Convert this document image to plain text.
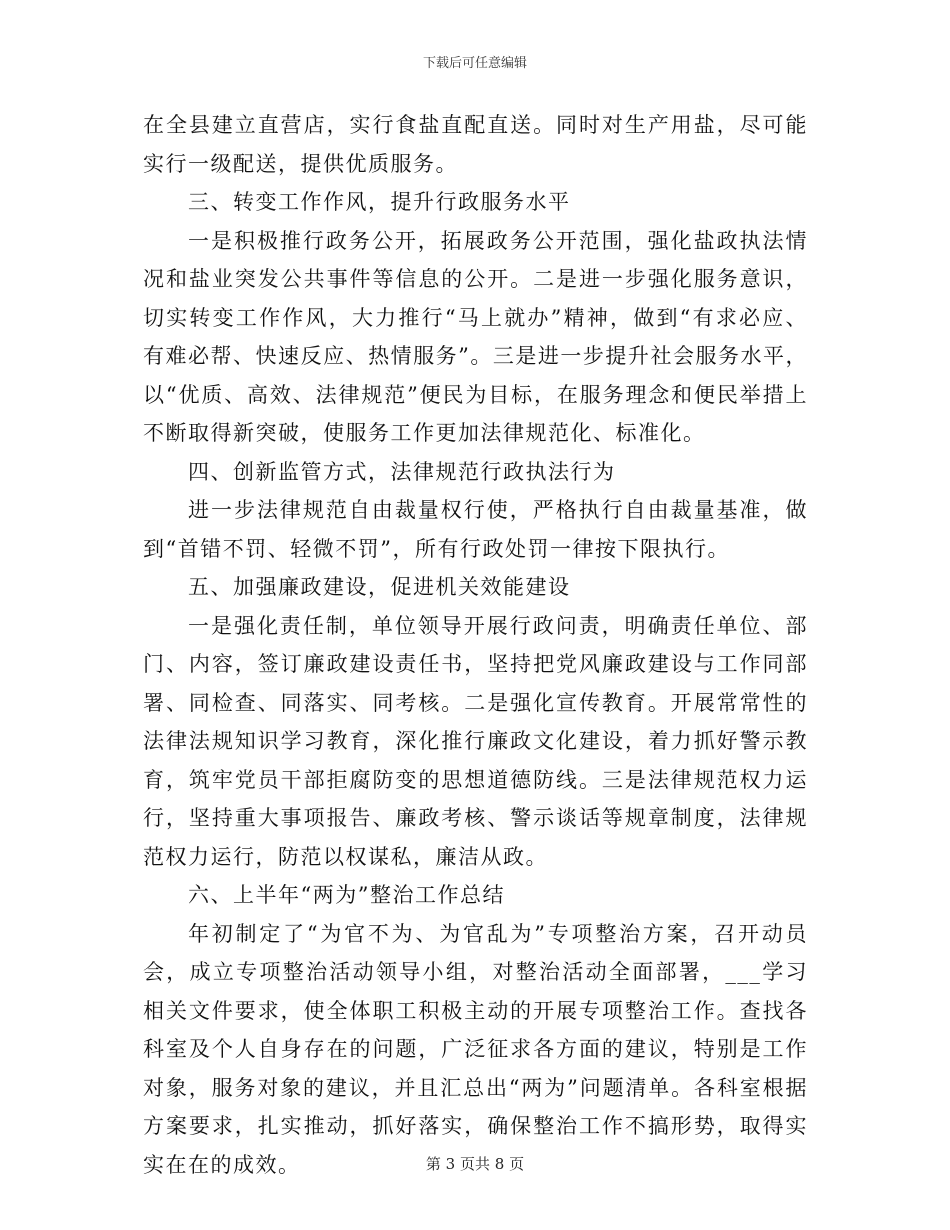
下载后可任意编辑

在全县建立直营店，实行食盐直配直送。同时对生产用盐，尽可能实行一级配送，提供优质服务。

三、转变工作作风，提升行政服务水平

一是积极推行政务公开，拓展政务公开范围，强化盐政执法情况和盐业突发公共事件等信息的公开。二是进一步强化服务意识，切实转变工作作风，大力推行“马上就办”精神，做到“有求必应、有难必帮、快速反应、热情服务”。三是进一步提升社会服务水平，以“优质、高效、法律规范”便民为目标，在服务理念和便民举措上不断取得新突破，使服务工作更加法律规范化、标准化。

四、创新监管方式，法律规范行政执法行为

进一步法律规范自由裁量权行使，严格执行自由裁量基准，做到“首错不罚、轻微不罚”，所有行政处罚一律按下限执行。

五、加强廉政建设，促进机关效能建设

一是强化责任制，单位领导开展行政问责，明确责任单位、部门、内容，签订廉政建设责任书，坚持把党风廉政建设与工作同部署、同检查、同落实、同考核。二是强化宣传教育。开展常常性的法律法规知识学习教育，深化推行廉政文化建设，着力抓好警示教育，筑牢党员干部拒腐防变的思想道德防线。三是法律规范权力运行，坚持重大事项报告、廉政考核、警示谈话等规章制度，法律规范权力运行，防范以权谋私，廉洁从政。

六、上半年“两为”整治工作总结

年初制定了“为官不为、为官乱为”专项整治方案，召开动员会，成立专项整治活动领导小组，对整治活动全面部署，___学习相关文件要求，使全体职工积极主动的开展专项整治工作。查找各科室及个人自身存在的问题，广泛征求各方面的建议，特别是工作对象，服务对象的建议，并且汇总出“两为”问题清单。各科室根据方案要求，扎实推动，抓好落实，确保整治工作不搞形势，取得实实在在的成效。	第 3 页共 8 页
